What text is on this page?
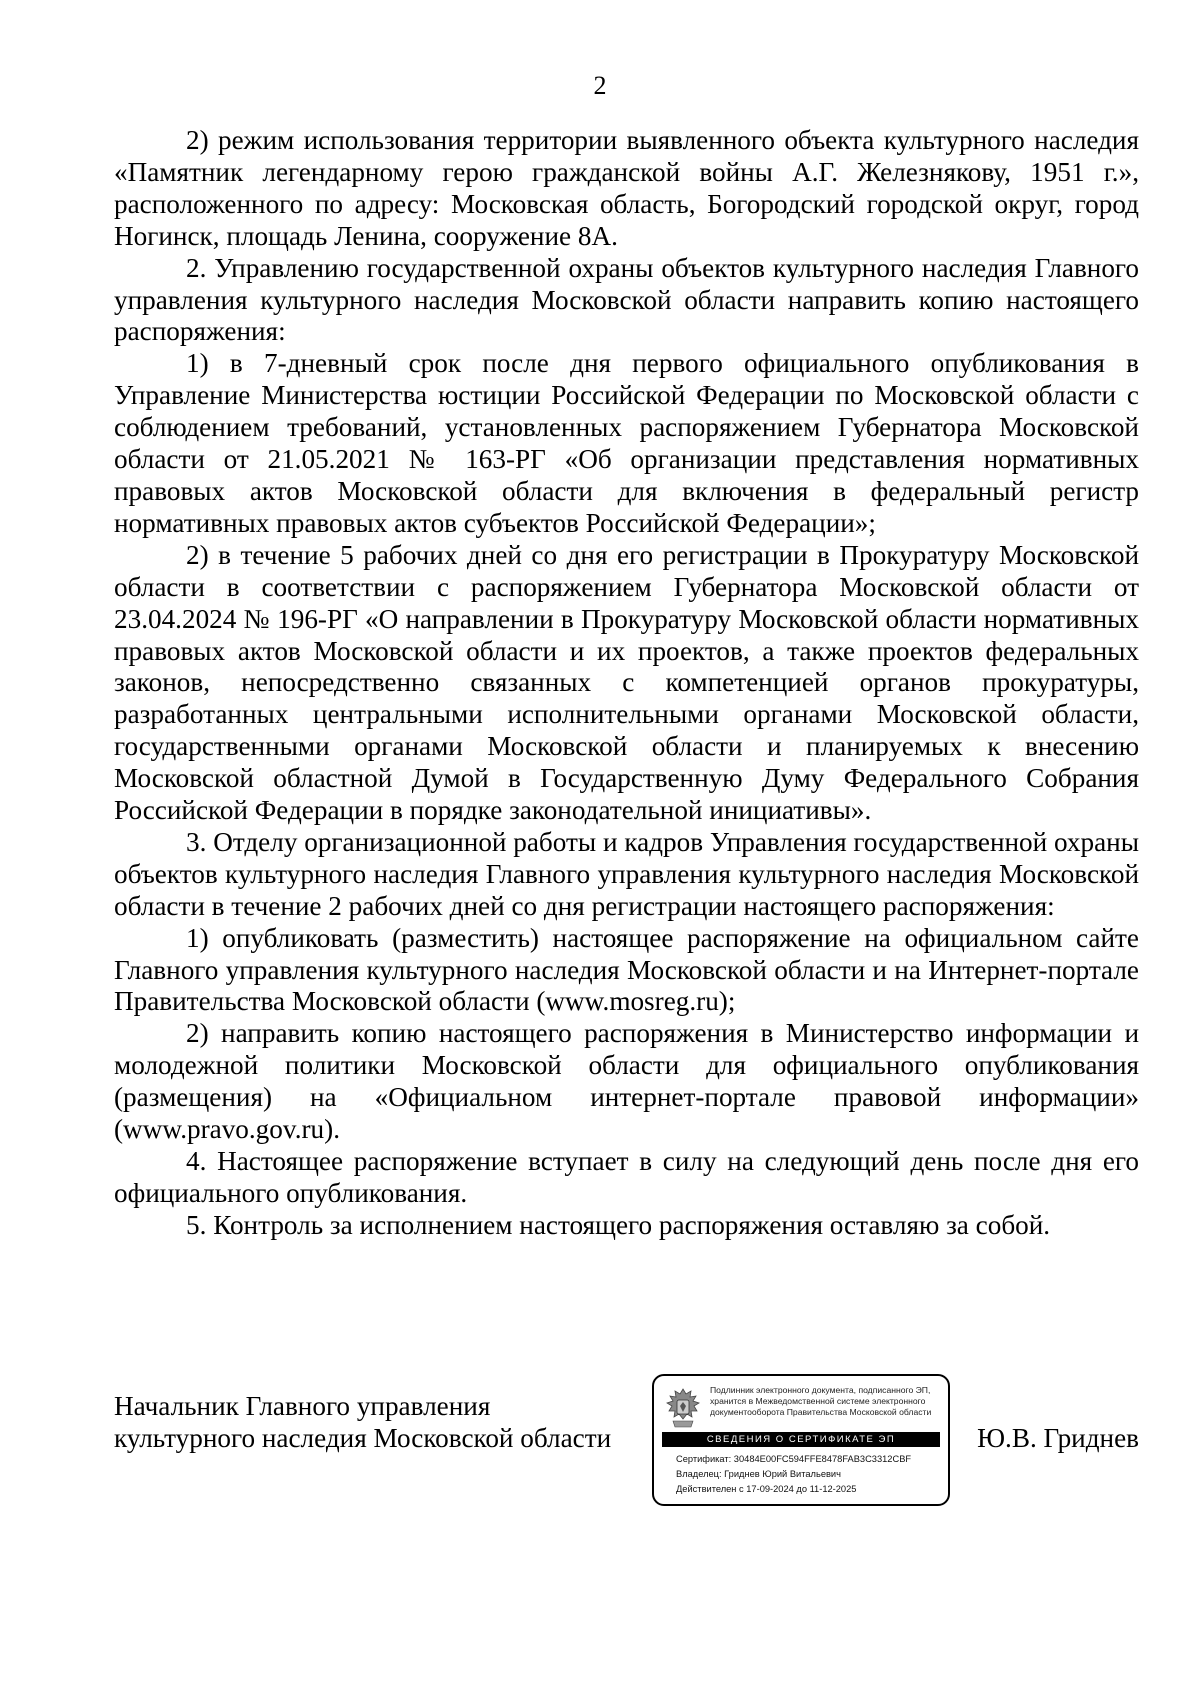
2

2) режим использования территории выявленного объекта культурного наследия «Памятник легендарному герою гражданской войны А.Г. Железнякову, 1951 г.», расположенного по адресу: Московская область, Богородский городской округ, город Ногинск, площадь Ленина, сооружение 8А.

2. Управлению государственной охраны объектов культурного наследия Главного управления культурного наследия Московской области направить копию настоящего распоряжения:

1) в 7-дневный срок после дня первого официального опубликования в Управление Министерства юстиции Российской Федерации по Московской области с соблюдением требований, установленных распоряжением Губернатора Московской области от 21.05.2021 № 163-РГ «Об организации представления нормативных правовых актов Московской области для включения в федеральный регистр нормативных правовых актов субъектов Российской Федерации»;

2) в течение 5 рабочих дней со дня его регистрации в Прокуратуру Московской области в соответствии с распоряжением Губернатора Московской области от 23.04.2024 № 196-РГ «О направлении в Прокуратуру Московской области нормативных правовых актов Московской области и их проектов, а также проектов федеральных законов, непосредственно связанных с компетенцией органов прокуратуры, разработанных центральными исполнительными органами Московской области, государственными органами Московской области и планируемых к внесению Московской областной Думой в Государственную Думу Федерального Собрания Российской Федерации в порядке законодательной инициативы».

3. Отделу организационной работы и кадров Управления государственной охраны объектов культурного наследия Главного управления культурного наследия Московской области в течение 2 рабочих дней со дня регистрации настоящего распоряжения:

1) опубликовать (разместить) настоящее распоряжение на официальном сайте Главного управления культурного наследия Московской области и на Интернет-портале Правительства Московской области (www.mosreg.ru);

2) направить копию настоящего распоряжения в Министерство информации и молодежной политики Московской области для официального опубликования (размещения) на «Официальном интернет-портале правовой информации» (www.pravo.gov.ru).

4. Настоящее распоряжение вступает в силу на следующий день после дня его официального опубликования.

5. Контроль за исполнением настоящего распоряжения оставляю за собой.

Начальник Главного управления
культурного наследия Московской области
Подлинник электронного документа, подписанного ЭП,
хранится в Межведомственной системе электронного
документооборота Правительства Московской области
СВЕДЕНИЯ О СЕРТИФИКАТЕ ЭП
Сертификат: 30484E00FC594FFE8478FAB3C3312CBF
Владелец: Гриднев Юрий Витальевич
Действителен с 17-09-2024 до 11-12-2025
Ю.В. Гриднев
